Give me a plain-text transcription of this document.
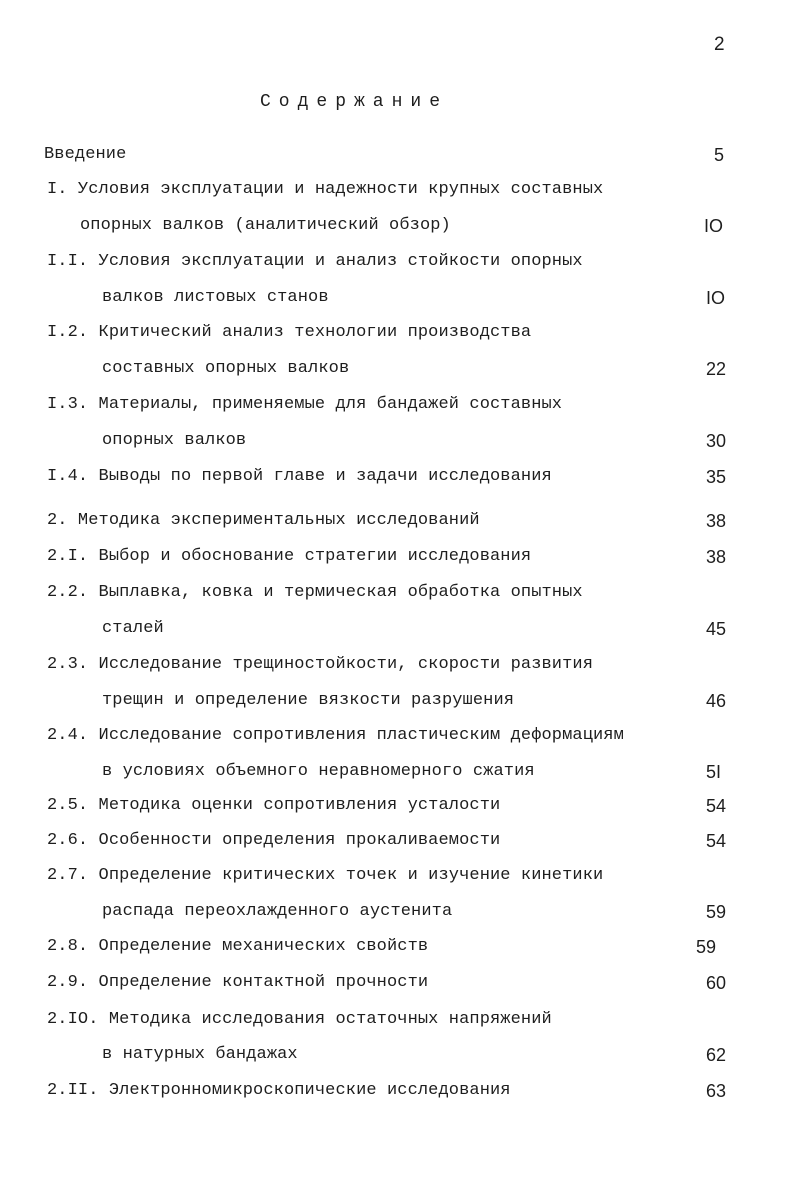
2
Содержание
Введение	5
I. Условия эксплуатации и надежности крупных составных
опорных валков (аналитический обзор)	IO
I.I. Условия эксплуатации и анализ стойкости опорных
валков листовых станов	IO
I.2. Критический анализ технологии производства
составных опорных валков	22
I.3. Материалы, применяемые для бандажей составных
опорных валков	30
I.4. Выводы по первой главе и задачи исследования	35
2. Методика экспериментальных исследований	38
2.I. Выбор и обоснование стратегии исследования	38
2.2. Выплавка, ковка и термическая обработка опытных
сталей	45
2.3. Исследование трещиностойкости, скорости развития
трещин и определение вязкости разрушения	46
2.4. Исследование сопротивления пластическим деформациям
в условиях объемного неравномерного сжатия	5I
2.5. Методика оценки сопротивления усталости	54
2.6. Особенности определения прокаливаемости	54
2.7. Определение критических точек и изучение кинетики
распада переохлажденного аустенита	59
2.8. Определение механических свойств	59
2.9. Определение контактной прочности	60
2.IO. Методика исследования остаточных напряжений
в натурных бандажах	62
2.II. Электронномикроскопические исследования	63
